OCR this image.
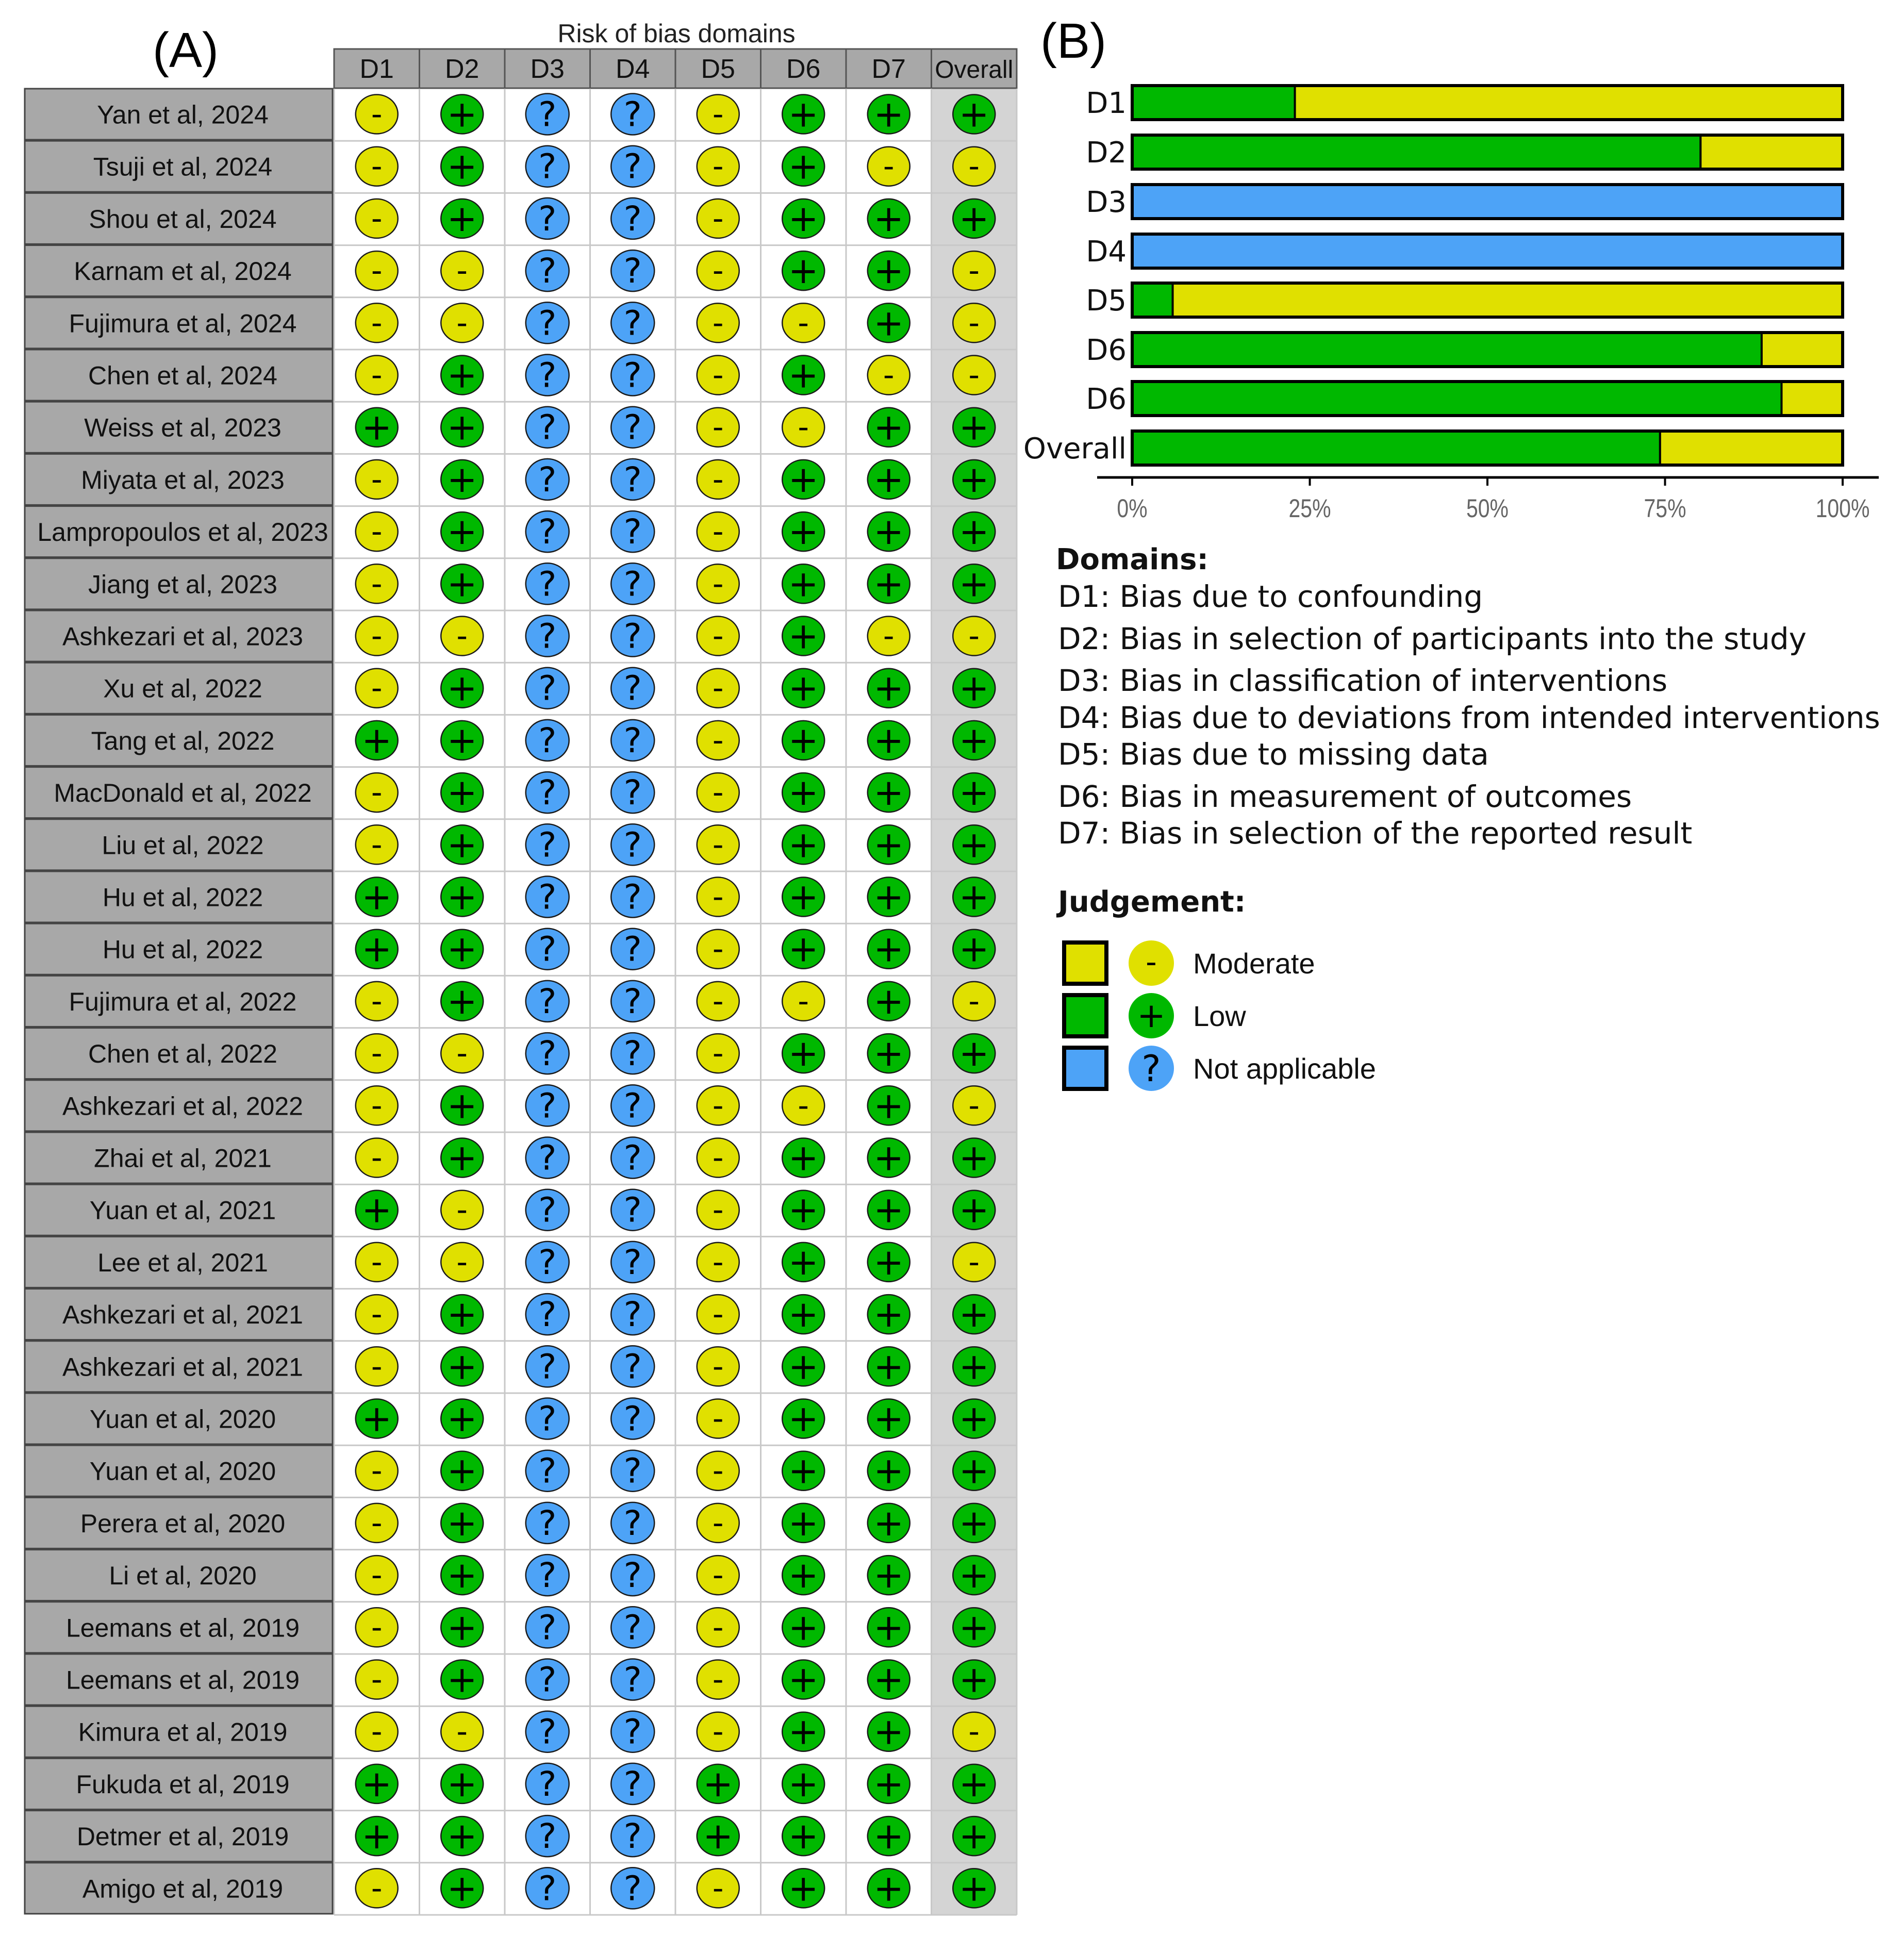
(A)	Risk of bias domains
D1 D2 D3 D4 D5 D6 D7 Overall
Yan et al, 2024	- + ? ? - + + +
Tsuji et al, 2024	- + ? ? - + - -
Shou et al, 2024	- + ? ? - + + +
Karnam et al, 2024	- - ? ? - + + -
Fujimura et al, 2024 - - ? ? - - + -
Chen et al, 2024	- + ? ? - + - -
Weiss et al, 2023 + + ? ? - - + +
Miyata et al, 2023	- + ? ? - + + +
Lampropoulos et al, 2023 - + ? ? - + + +
Jiang et al, 2023	- + ? ? - + + +
Ashkezari et al, 2023 - - ? ? - + - -
Xu et al, 2022	- + ? ? - + + +
Tang et al, 2022 + + ? ? - + + +
MacDonald et al, 2022 - + ? ? - + + +
Liu et al, 2022	- + ? ? - + + +
Hu et al, 2022	+ + ? ? - + + +
Hu et al, 2022	+ + ? ? - + + +
Fujimura et al, 2022 - + ? ? - - + -
Chen et al, 2022	- - ? ? - + + +
Ashkezari et al, 2022 - + ? ? - - + -
Zhai et al, 2021	- + ? ? - + + +
Yuan et al, 2021 + - ? ? - + + +
Lee et al, 2021	- - ? ? - + + -
Ashkezari et al, 2021 - + ? ? - + + +
Ashkezari et al, 2021 - + ? ? - + + +
Yuan et al, 2020 + + ? ? - + + +
Yuan et al, 2020	- + ? ? - + + +
Perera et al, 2020	- + ? ? - + + +
Li et al, 2020	- + ? ? - + + +
Leemans et al, 2019 - + ? ? - + + +
Leemans et al, 2019 - + ? ? - + + +
Kimura et al, 2019	- - ? ? - + + -
Fukuda et al, 2019 + + ? ? + + + +
Detmer et al, 2019 + + ? ? + + + +
Amigo et al, 2019	- + ? ? - + + +
(B)
D1
D2
D3
D4
D5
D6
D6
Overall
0%	25%	50%	75%	100%
Domains:
D1: Bias due to confounding
D2: Bias in selection of participants into the study
D3: Bias in classification of interventions
D4: Bias due to deviations from intended interventions
D5: Bias due to missing data
D6: Bias in measurement of outcomes
D7: Bias in selection of the reported result
Judgement:
- Moderate
+ Low
? Not applicable
